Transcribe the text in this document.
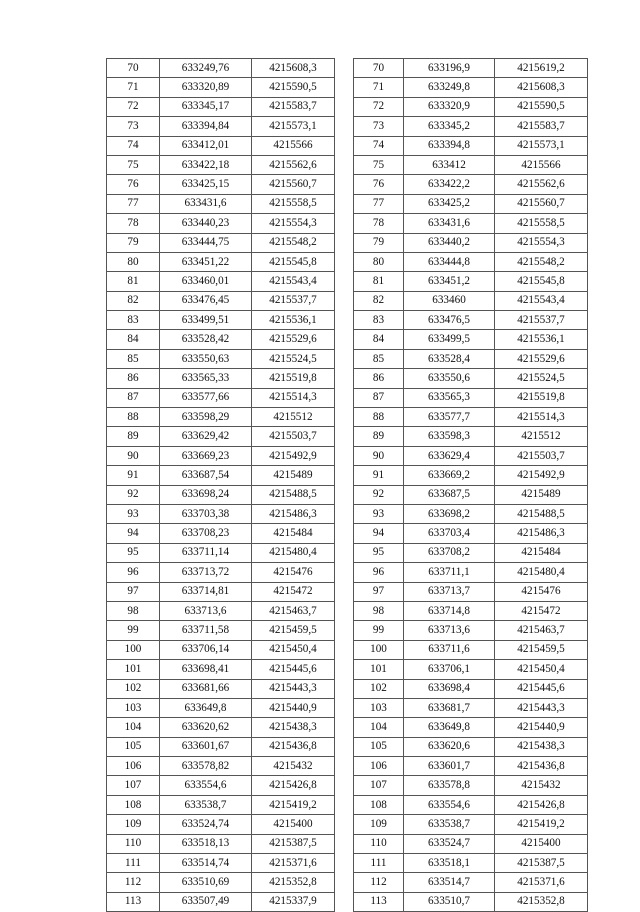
70	633249,76	4215608,3
71	633320,89	4215590,5
72	633345,17	4215583,7
73	633394,84	4215573,1
74	633412,01	4215566
75	633422,18	4215562,6
76	633425,15	4215560,7
77	633431,6	4215558,5
78	633440,23	4215554,3
79	633444,75	4215548,2
80	633451,22	4215545,8
81	633460,01	4215543,4
82	633476,45	4215537,7
83	633499,51	4215536,1
84	633528,42	4215529,6
85	633550,63	4215524,5
86	633565,33	4215519,8
87	633577,66	4215514,3
88	633598,29	4215512
89	633629,42	4215503,7
90	633669,23	4215492,9
91	633687,54	4215489
92	633698,24	4215488,5
93	633703,38	4215486,3
94	633708,23	4215484
95	633711,14	4215480,4
96	633713,72	4215476
97	633714,81	4215472
98	633713,6	4215463,7
99	633711,58	4215459,5
100	633706,14	4215450,4
101	633698,41	4215445,6
102	633681,66	4215443,3
103	633649,8	4215440,9
104	633620,62	4215438,3
105	633601,67	4215436,8
106	633578,82	4215432
107	633554,6	4215426,8
108	633538,7	4215419,2
109	633524,74	4215400
110	633518,13	4215387,5
111	633514,74	4215371,6
112	633510,69	4215352,8
113	633507,49	4215337,9
70	633196,9	4215619,2
71	633249,8	4215608,3
72	633320,9	4215590,5
73	633345,2	4215583,7
74	633394,8	4215573,1
75	633412	4215566
76	633422,2	4215562,6
77	633425,2	4215560,7
78	633431,6	4215558,5
79	633440,2	4215554,3
80	633444,8	4215548,2
81	633451,2	4215545,8
82	633460	4215543,4
83	633476,5	4215537,7
84	633499,5	4215536,1
85	633528,4	4215529,6
86	633550,6	4215524,5
87	633565,3	4215519,8
88	633577,7	4215514,3
89	633598,3	4215512
90	633629,4	4215503,7
91	633669,2	4215492,9
92	633687,5	4215489
93	633698,2	4215488,5
94	633703,4	4215486,3
95	633708,2	4215484
96	633711,1	4215480,4
97	633713,7	4215476
98	633714,8	4215472
99	633713,6	4215463,7
100	633711,6	4215459,5
101	633706,1	4215450,4
102	633698,4	4215445,6
103	633681,7	4215443,3
104	633649,8	4215440,9
105	633620,6	4215438,3
106	633601,7	4215436,8
107	633578,8	4215432
108	633554,6	4215426,8
109	633538,7	4215419,2
110	633524,7	4215400
111	633518,1	4215387,5
112	633514,7	4215371,6
113	633510,7	4215352,8
